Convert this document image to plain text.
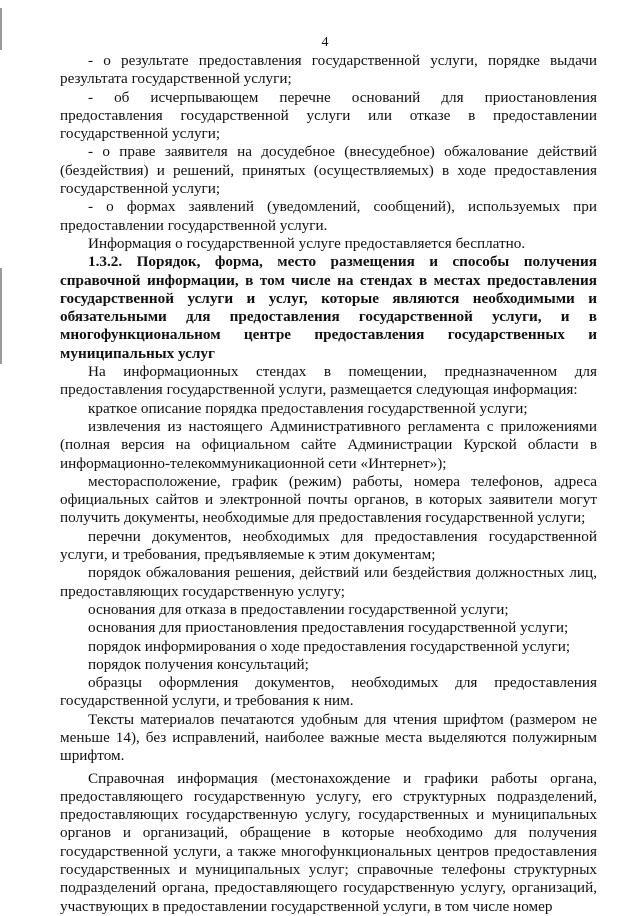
4

- о результате предоставления государственной услуги, порядке выдачи результата государственной услуги;

- об исчерпывающем перечне оснований для приостановления предоставления государственной услуги или отказе в предоставлении государственной услуги;

- о праве заявителя на досудебное (внесудебное) обжалование действий (бездействия) и решений, принятых (осуществляемых) в ходе предоставления государственной услуги;

- о формах заявлений (уведомлений, сообщений), используемых при предоставлении государственной услуги.

Информация о государственной услуге предоставляется бесплатно.

1.3.2. Порядок, форма, место размещения и способы получения справочной информации, в том числе на стендах в местах предоставления государственной услуги и услуг, которые являются необходимыми и обязательными для предоставления государственной услуги, и в многофункциональном центре предоставления государственных и муниципальных услуг

На информационных стендах в помещении, предназначенном для предоставления государственной услуги, размещается следующая информация:

краткое описание порядка предоставления государственной услуги;

извлечения из настоящего Административного регламента с приложениями (полная версия на официальном сайте Администрации Курской области в информационно-телекоммуникационной сети «Интернет»);

месторасположение, график (режим) работы, номера телефонов, адреса официальных сайтов и электронной почты органов, в которых заявители могут получить документы, необходимые для предоставления государственной услуги;

перечни документов, необходимых для предоставления государственной услуги, и требования, предъявляемые к этим документам;

порядок обжалования решения, действий или бездействия должностных лиц, предоставляющих государственную услугу;

основания для отказа в предоставлении государственной услуги;

основания для приостановления предоставления государственной услуги;

порядок информирования о ходе предоставления государственной услуги;

порядок получения консультаций;

образцы оформления документов, необходимых для предоставления государственной услуги, и требования к ним.

Тексты материалов печатаются удобным для чтения шрифтом (размером не меньше 14), без исправлений, наиболее важные места выделяются полужирным шрифтом.

Справочная информация (местонахождение и графики работы органа, предоставляющего государственную услугу, его структурных подразделений, предоставляющих государственную услугу, государственных и муниципальных органов и организаций, обращение в которые необходимо для получения государственной услуги, а также многофункциональных центров предоставления государственных и муниципальных услуг; справочные телефоны структурных подразделений органа, предоставляющего государственную услугу, организаций, участвующих в предоставлении государственной услуги, в том числе номер
